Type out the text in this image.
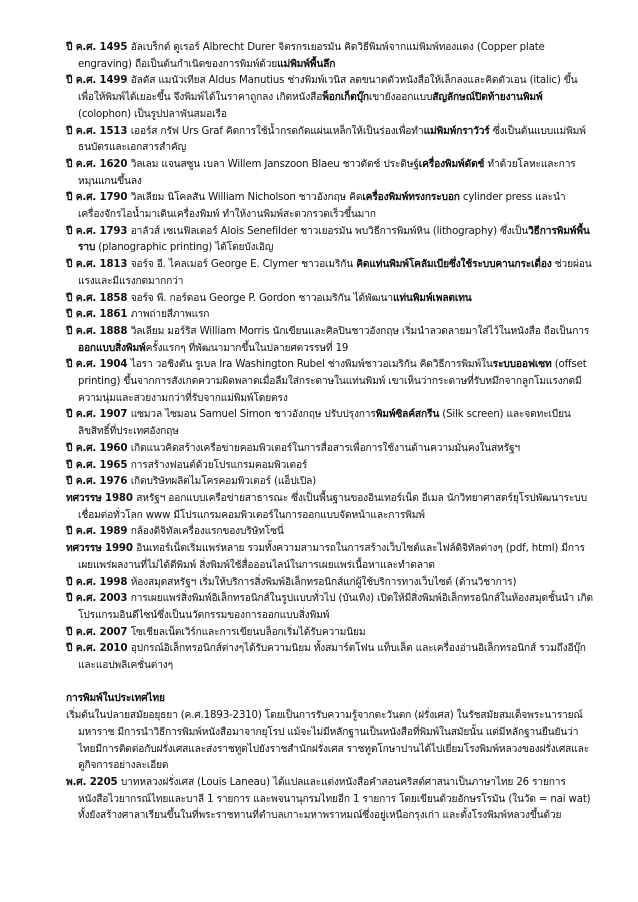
ปี ค.ศ. 1495 อัลเบร็กต์ ดูเรอร์ Albrecht Durer จิตรกรเยอรมัน คิดวิธีพิมพ์จากแม่พิมพ์ทองแดง (Copper plate engraving) ถือเป็นต้นกำเนิดของการพิมพ์ด้วยแม่พิมพ์พื้นลึก
ปี ค.ศ. 1499 อัลดัส แมนัวเทียส Aldus Manutius ช่างพิมพ์เวนิส ลดขนาดตัวหนังสือให้เล็กลงและคิดตัวเอน (italic) ขึ้น เพื่อให้พิมพ์ได้เยอะขึ้น จึงพิมพ์ได้ในราคาถูกลง เกิดหนังสือพ็อกเก็ตบุ๊กเขายังออกแบบสัญลักษณ์ปิดท้ายงานพิมพ์ (colophon) เป็นรูปปลาพันสมอเรือ
ปี ค.ศ. 1513 เออร์ส กรัฟ Urs Graf คิดการใช้น้ำกรดกัดแผ่นเหล็กให้เป็นร่องเพื่อทำแม่พิมพ์กราวัวร์ ซึ่งเป็นต้นแบบแม่พิมพ์ธนบัตรและเอกสารสำคัญ
ปี ค.ศ. 1620 วิลเลม แจนสซูน เบลา Willem Janszoon Blaeu ชาวดัตช์ ประดิษฐ์เครื่องพิมพ์ดัตช์ ทำด้วยโลหะและการหมุนแกนขึ้นลง
ปี ค.ศ. 1790 วิลเลียม นิโคลสัน William Nicholson ชาวอังกฤษ คิดเครื่องพิมพ์ทรงกระบอก cylinder press และนำเครื่องจักรไอน้ำมาเดินเครื่องพิมพ์ ทำให้งานพิมพ์สะดวกรวดเร็วขึ้นมาก
ปี ค.ศ. 1793 อาลัวส์ เซเนฟิลเดอร์ Alois Senefilder ชาวเยอรมัน พบวิธีการพิมพ์หิน (lithography) ซึ่งเป็นวิธีการพิมพ์พื้นราบ (planographic printing) ได้โดยบังเอิญ
ปี ค.ศ. 1813 จอร์จ อี. ไคลเมอร์ George E. Clymer ชาวอเมริกัน คิดแท่นพิมพ์โคลัมเบียซึ่งใช้ระบบคานกระเดื่อง ช่วยผ่อนแรงและมีแรงกดมากกว่า
ปี ค.ศ. 1858 จอร์จ พี. กอร์ดอน George P. Gordon ชาวอเมริกัน ได้พัฒนาแท่นพิมพ์เพลตเทน
ปี ค.ศ. 1861 ภาพถ่ายสีภาพแรก
ปี ค.ศ. 1888 วิลเลียม มอร์ริส William Morris นักเขียนและศิลปินชาวอังกฤษ เริ่มนำลวดลายมาใส่ไว้ในหนังสือ ถือเป็นการออกแบบสิ่งพิมพ์ครั้งแรกๆ ที่พัฒนามากขึ้นในปลายศตวรรษที่ 19
ปี ค.ศ. 1904 ไอรา วอชิงตัน รูเบล Ira Washington Rubel ช่างพิมพ์ชาวอเมริกัน คิดวิธีการพิมพ์ในระบบออฟเซท (offset printing) ขึ้นจากการสังเกตความผิดพลาดเมื่อลืมใส่กระดาษในแท่นพิมพ์ เขาเห็นว่ากระดาษที่รับหมึกจากลูกโมแรงกดมีความนุ่มและสวยงามกว่าที่รับจากแม่พิมพ์โดยตรง
ปี ค.ศ. 1907 แซมวล ไซมอน Samuel Simon ชาวอังกฤษ ปรับปรุงการพิมพ์ซิลค์สกรีน (Silk screen) และจดทะเบียนลิขสิทธิ์ที่ประเทศอังกฤษ
ปี ค.ศ. 1960 เกิดแนวคิดสร้างเครือข่ายคอมพิวเตอร์ในการสื่อสารเพื่อการใช้งานด้านความมั่นคงในสหรัฐฯ
ปี ค.ศ. 1965 การสร้างฟอนต์ด้วยโปรแกรมคอมพิวเตอร์
ปี ค.ศ. 1976 เกิดบริษัทผลิตไมโครคอมพิวเตอร์ (แอ็ปเปิล)
ทศวรรษ 1980 สหรัฐฯ ออกแบบเครือข่ายสาธารณะ ซึ่งเป็นพื้นฐานของอินเทอร์เน็ต อีเมล นักวิทยาศาสตร์ยุโรปพัฒนาระบบเชื่อมต่อทั่วโลก www มีโปรแกรมคอมพิวเตอร์ในการออกแบบจัดหน้าและการพิมพ์
ปี ค.ศ. 1989 กล้องดิจิทัลเครื่องแรกของบริษัทโซนี่
ทศวรรษ 1990 อินเทอร์เน็ตเริ่มแพร่หลาย รวมทั้งความสามารถในการสร้างเว็บไซต์และไฟล์ดิจิทัลต่างๆ (pdf, html) มีการเผยแพร่ผลงานที่ไม่ได้ตีพิมพ์ สิ่งพิมพ์ใช้สื่อออนไลน์ในการเผยแพร่เนื้อหาและทำตลาด
ปี ค.ศ. 1998 ห้องสมุดสหรัฐฯ เริ่มให้บริการสิ่งพิมพ์อิเล็กทรอนิกส์แก่ผู้ใช้บริการทางเว็บไซต์ (ด้านวิชาการ)
ปี ค.ศ. 2003 การเผยแพร่สิ่งพิมพ์อิเล็กทรอนิกส์ในรูปแบบทั่วไป (บันเทิง) เปิดให้มีสิ่งพิมพ์อิเล็กทรอนิกส์ในห้องสมุดชั้นนำ เกิดโปรแกรมอินดีไซน์ซึ่งเป็นนวัตกรรมของการออกแบบสิ่งพิมพ์
ปี ค.ศ. 2007 โซเชียลเน็ตเวิร์กและการเขียนบล็อกเริ่มได้รับความนิยม
ปี ค.ศ. 2010 อุปกรณ์อิเล็กทรอนิกส์ต่างๆได้รับความนิยม ทั้งสมาร์ตโฟน แท็บเล็ต และเครื่องอ่านอิเล็กทรอนิกส์ รวมถึงอีบุ๊กและแอปพลิเคชั่นต่างๆ
การพิมพ์ในประเทศไทย
เริ่มต้นในปลายสมัยอยุธยา (ค.ศ.1893-2310) โดยเป็นการรับความรู้จากตะวันตก (ฝรั่งเศส) ในรัชสมัยสมเด็จพระนารายณ์มหาราช มีการนำวิธีการพิมพ์หนังสือมาจากยุโรป แม้จะไม่มีหลักฐานเป็นหนังสือที่พิมพ์ในสมัยนั้น แต่มีหลักฐานยืนยันว่าไทยมีการติดต่อกับฝรั่งเศสและส่งราชทูตไปยังราชสำนักฝรั่งเศส ราชทูตโกษาปานได้ไปเยี่ยมโรงพิมพ์หลวงของฝรั่งเศสและดูกิจการอย่างละเอียด
พ.ศ. 2205 บาทหลวงฝรั่งเศส (Louis Laneau) ได้แปลและแต่งหนังสือคำสอนคริสต์ศาสนาเป็นภาษาไทย 26 รายการ หนังสือไวยากรณ์ไทยและบาลี 1 รายการ และพจนานุกรมไทยอีก 1 รายการ โดยเขียนด้วยอักษรโรมัน (ในวัด = nai wat) ทั้งยังสร้างศาลาเรียนขึ้นในที่พระราชทานที่ตำบลเกาะมหาพราหมณ์ซึ่งอยู่เหนือกรุงเก่า และตั้งโรงพิมพ์หลวงขึ้นด้วย
